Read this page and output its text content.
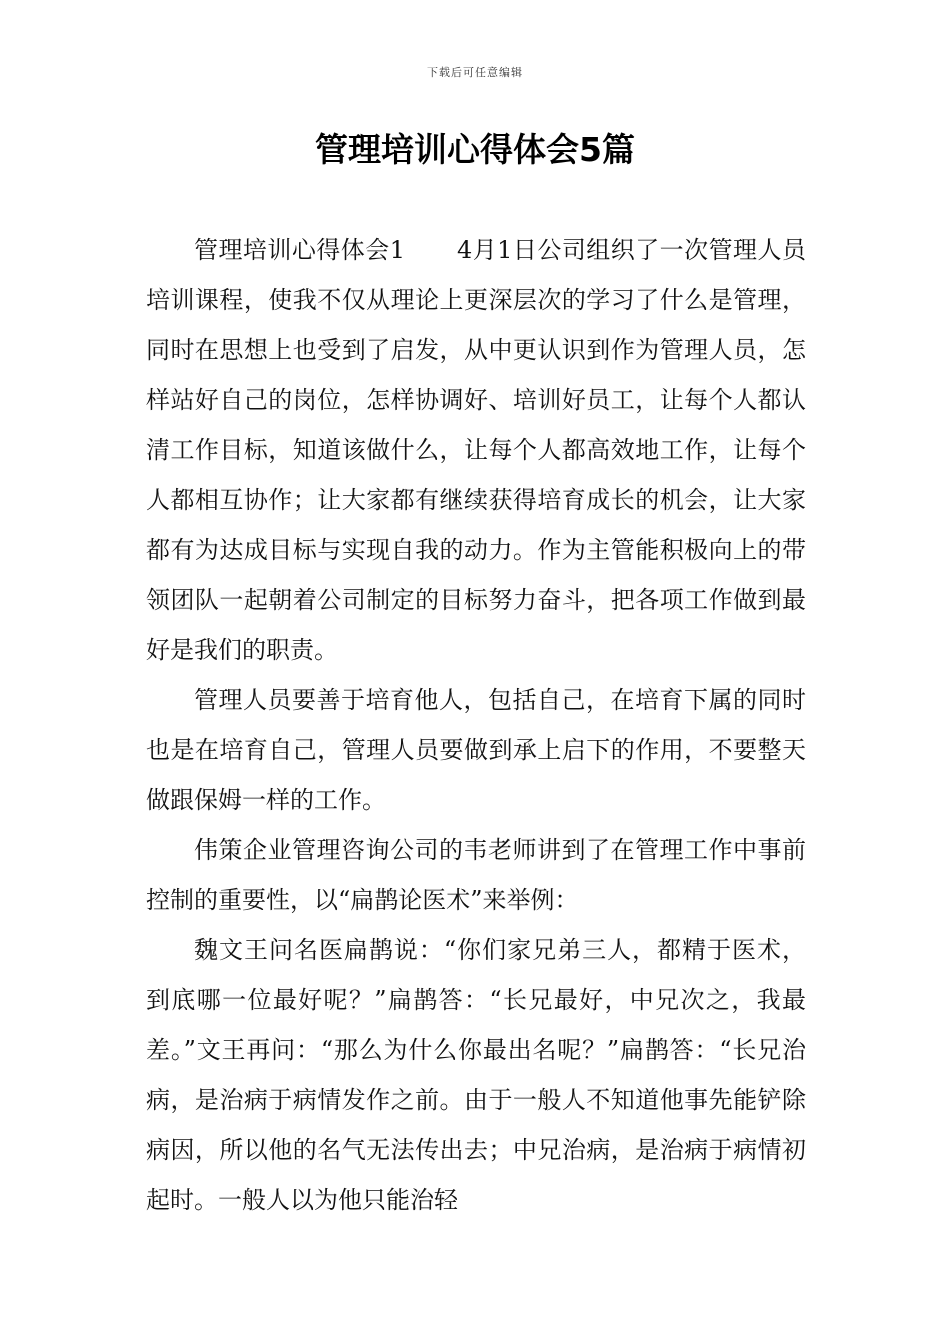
下载后可任意编辑
管理培训心得体会5篇

管理培训心得体会1 4月1日公司组织了一次管理人员培训课程，使我不仅从理论上更深层次的学习了什么是管理，同时在思想上也受到了启发，从中更认识到作为管理人员，怎样站好自己的岗位，怎样协调好、培训好员工，让每个人都认清工作目标，知道该做什么，让每个人都高效地工作，让每个人都相互协作；让大家都有继续获得培育成长的机会，让大家都有为达成目标与实现自我的动力。作为主管能积极向上的带领团队一起朝着公司制定的目标努力奋斗，把各项工作做到最好是我们的职责。

管理人员要善于培育他人，包括自己，在培育下属的同时也是在培育自己，管理人员要做到承上启下的作用，不要整天做跟保姆一样的工作。

伟策企业管理咨询公司的韦老师讲到了在管理工作中事前控制的重要性，以“扁鹊论医术”来举例：

魏文王问名医扁鹊说：“你们家兄弟三人，都精于医术，到底哪一位最好呢？”扁鹊答：“长兄最好，中兄次之，我最差。”文王再问：“那么为什么你最出名呢？”扁鹊答：“长兄治病，是治病于病情发作之前。由于一般人不知道他事先能铲除病因，所以他的名气无法传出去；中兄治病，是治病于病情初起时。一般人以为他只能治轻
